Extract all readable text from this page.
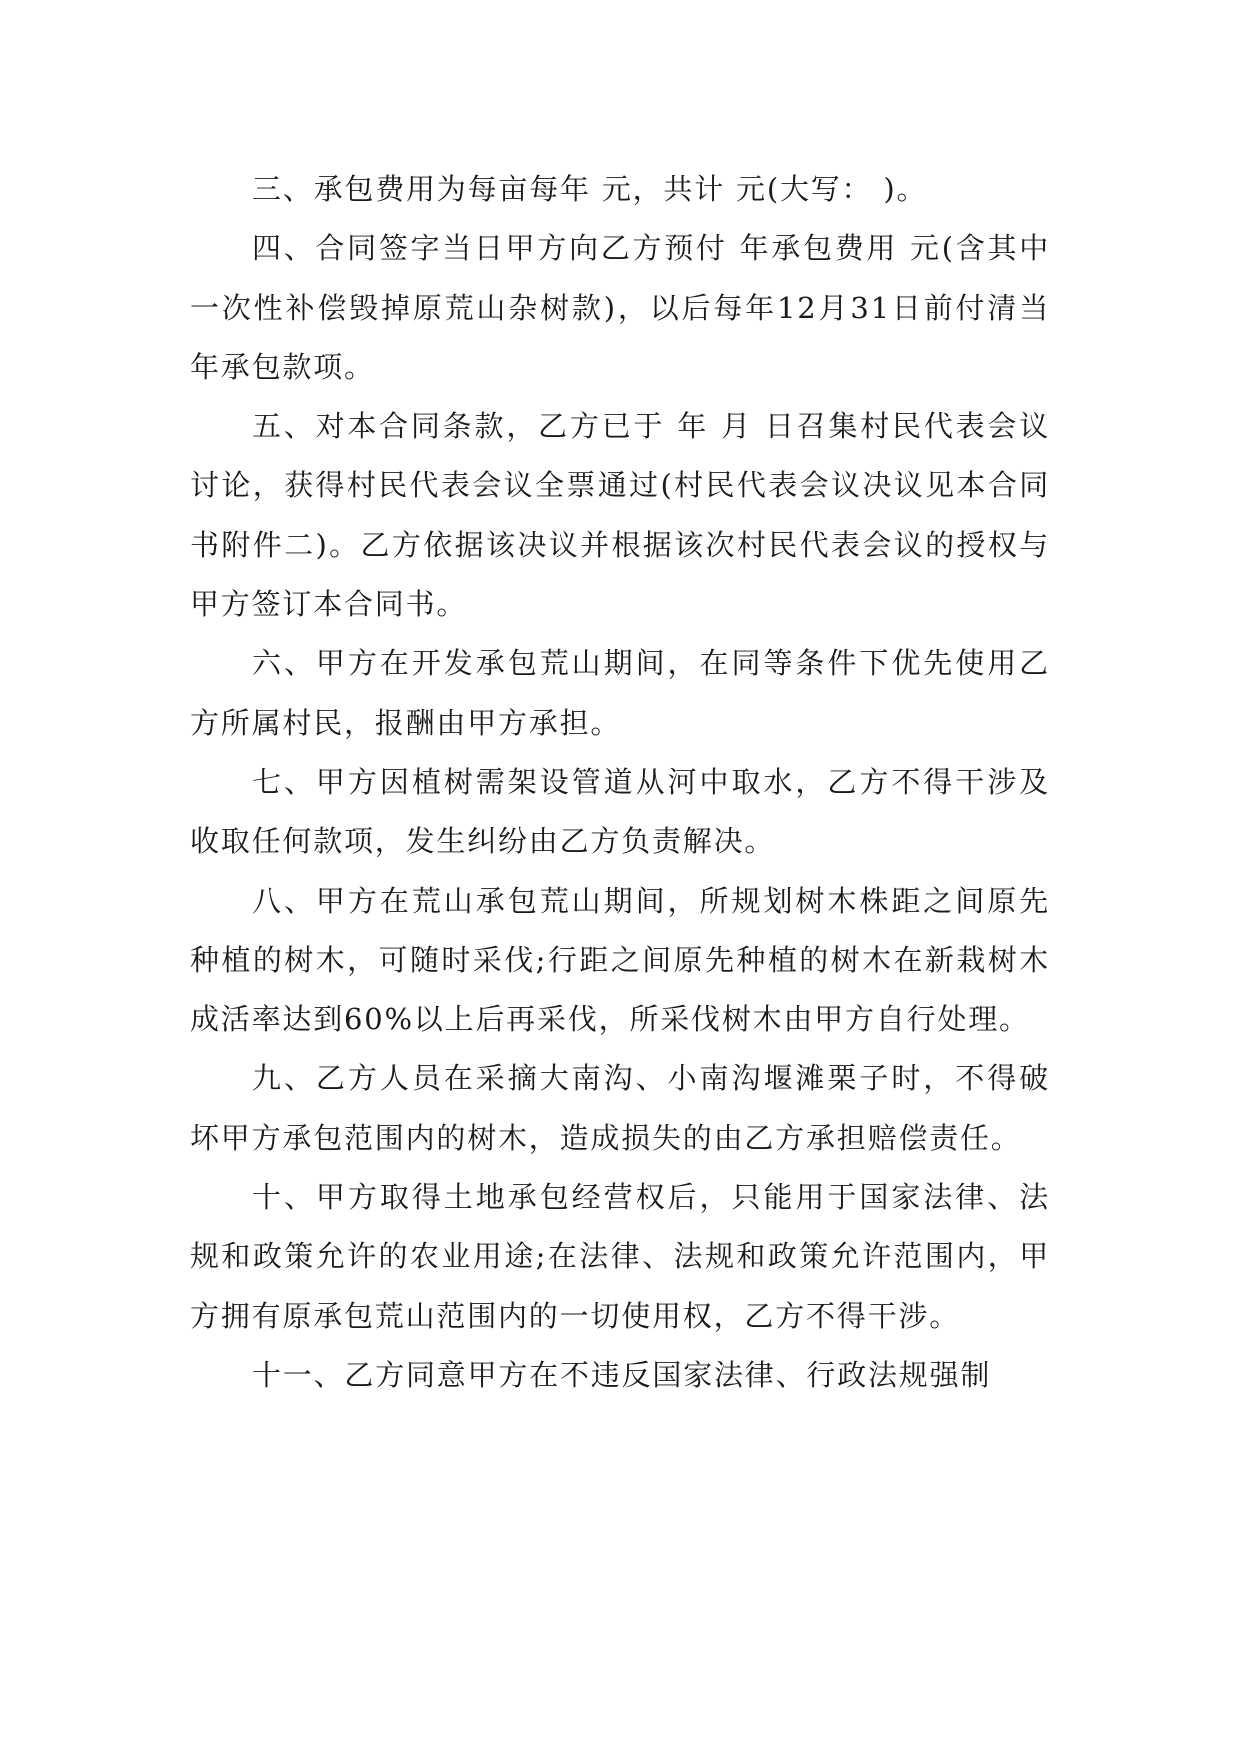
三、承包费用为每亩每年 元，共计 元(大写： )。

四、合同签字当日甲方向乙方预付 年承包费用 元(含其中一次性补偿毁掉原荒山杂树款)，以后每年12月31日前付清当年承包款项。

五、对本合同条款，乙方已于 年 月 日召集村民代表会议讨论，获得村民代表会议全票通过(村民代表会议决议见本合同书附件二)。乙方依据该决议并根据该次村民代表会议的授权与甲方签订本合同书。

六、甲方在开发承包荒山期间，在同等条件下优先使用乙方所属村民，报酬由甲方承担。

七、甲方因植树需架设管道从河中取水，乙方不得干涉及收取任何款项，发生纠纷由乙方负责解决。

八、甲方在荒山承包荒山期间，所规划树木株距之间原先种植的树木，可随时采伐;行距之间原先种植的树木在新栽树木成活率达到60%以上后再采伐，所采伐树木由甲方自行处理。

九、乙方人员在采摘大南沟、小南沟堰滩栗子时，不得破坏甲方承包范围内的树木，造成损失的由乙方承担赔偿责任。

十、甲方取得土地承包经营权后，只能用于国家法律、法规和政策允许的农业用途;在法律、法规和政策允许范围内，甲方拥有原承包荒山范围内的一切使用权，乙方不得干涉。

十一、乙方同意甲方在不违反国家法律、行政法规强制
